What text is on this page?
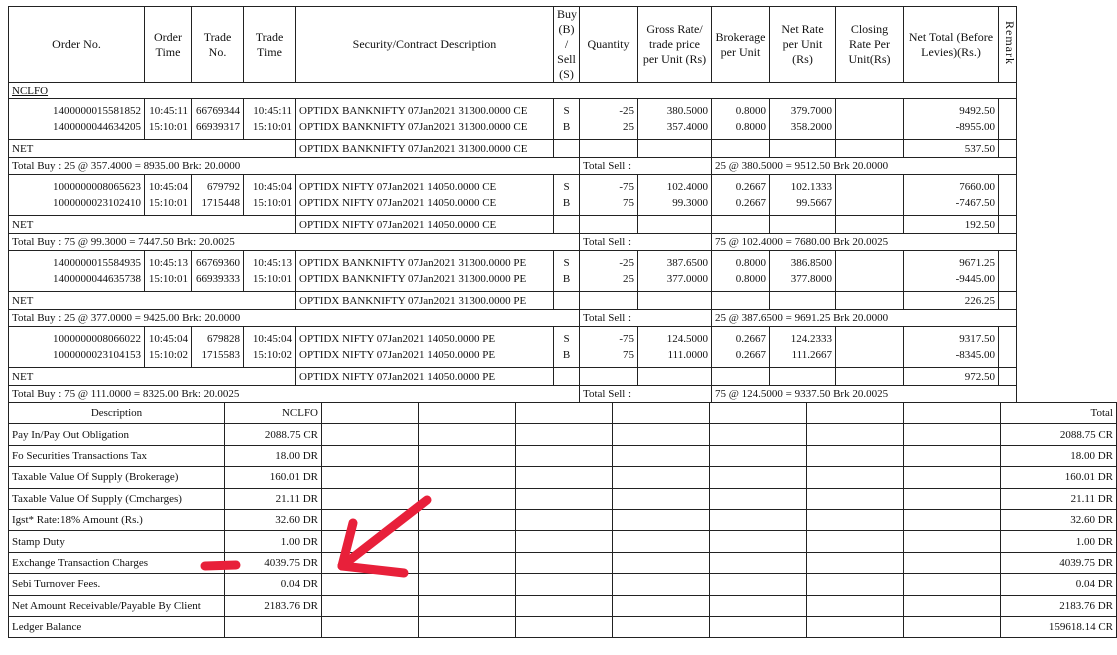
Order No.	Order Time	Trade No.	Trade Time	Security/Contract Description	Buy (B) / Sell (S)	Quantity	Gross Rate/ trade price per Unit (Rs)	Brokerage per Unit	Net Rate per Unit (Rs)	Closing Rate Per Unit(Rs)	Net Total (Before Levies)(Rs.)	Remark
NCLFO												
1400000015581852	10:45:11	66769344	10:45:11	OPTIDX BANKNIFTY 07Jan2021 31300.0000 CE	S	-25	380.5000	0.8000	379.7000		9492.50	
1400000044634205	15:10:01	66939317	15:10:01	OPTIDX BANKNIFTY 07Jan2021 31300.0000 CE	B	25	357.4000	0.8000	358.2000		-8955.00	
NET				OPTIDX BANKNIFTY 07Jan2021 31300.0000 CE							537.50	
Total Buy : 25 @ 357.4000 = 8935.00 Brk: 20.0000						Total Sell :		25 @ 380.5000 = 9512.50 Brk 20.0000				
1000000008065623	10:45:04	679792	10:45:04	OPTIDX NIFTY 07Jan2021 14050.0000 CE	S	-75	102.4000	0.2667	102.1333		7660.00	
1000000023102410	15:10:01	1715448	15:10:01	OPTIDX NIFTY 07Jan2021 14050.0000 CE	B	75	99.3000	0.2667	99.5667		-7467.50	
NET				OPTIDX NIFTY 07Jan2021 14050.0000 CE							192.50	
Total Buy : 75 @ 99.3000 = 7447.50 Brk: 20.0025						Total Sell :		75 @ 102.4000 = 7680.00 Brk 20.0025				
1400000015584935	10:45:13	66769360	10:45:13	OPTIDX BANKNIFTY 07Jan2021 31300.0000 PE	S	-25	387.6500	0.8000	386.8500		9671.25	
1400000044635738	15:10:01	66939333	15:10:01	OPTIDX BANKNIFTY 07Jan2021 31300.0000 PE	B	25	377.0000	0.8000	377.8000		-9445.00	
NET				OPTIDX BANKNIFTY 07Jan2021 31300.0000 PE							226.25	
Total Buy : 25 @ 377.0000 = 9425.00 Brk: 20.0000						Total Sell :		25 @ 387.6500 = 9691.25 Brk 20.0000				
1000000008066022	10:45:04	679828	10:45:04	OPTIDX NIFTY 07Jan2021 14050.0000 PE	S	-75	124.5000	0.2667	124.2333		9317.50	
1000000023104153	15:10:02	1715583	15:10:02	OPTIDX NIFTY 07Jan2021 14050.0000 PE	B	75	111.0000	0.2667	111.2667		-8345.00	
NET				OPTIDX NIFTY 07Jan2021 14050.0000 PE							972.50	
Total Buy : 75 @ 111.0000 = 8325.00 Brk: 20.0025						Total Sell :		75 @ 124.5000 = 9337.50 Brk 20.0025				
Description	NCLFO								Total
Pay In/Pay Out Obligation	2088.75 CR								2088.75 CR
Fo Securities Transactions Tax	18.00 DR								18.00 DR
Taxable Value Of Supply (Brokerage)	160.01 DR								160.01 DR
Taxable Value Of Supply (Cmcharges)	21.11 DR								21.11 DR
Igst* Rate:18% Amount (Rs.)	32.60 DR								32.60 DR
Stamp Duty	1.00 DR								1.00 DR
Exchange Transaction Charges	4039.75 DR								4039.75 DR
Sebi Turnover Fees.	0.04 DR								0.04 DR
Net Amount Receivable/Payable By Client	2183.76 DR								2183.76 DR
Ledger Balance									159618.14 CR
